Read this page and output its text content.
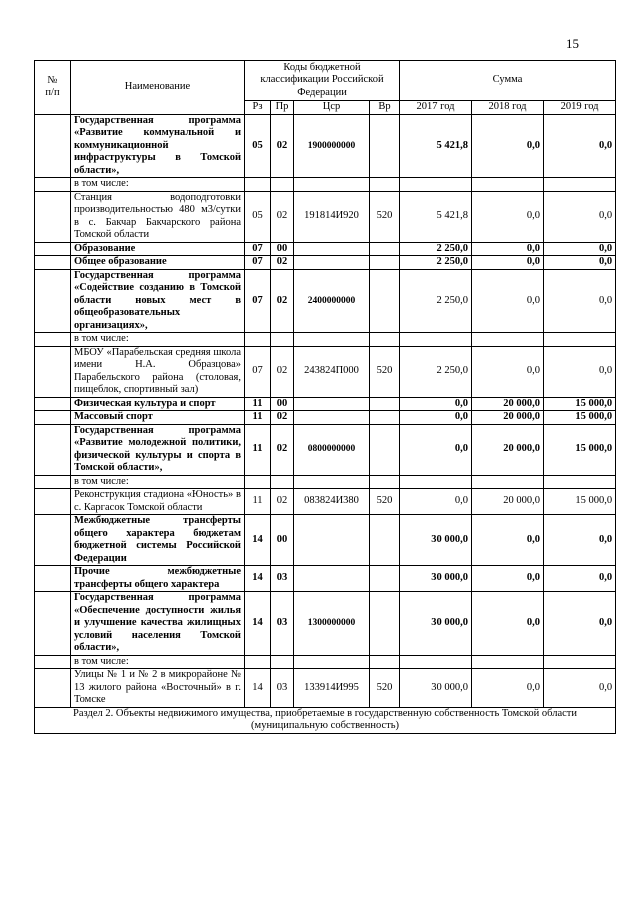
15
№
п/п	Наименование	Коды бюджетной классификации Российской Федерации				Сумма		
		Рз	Пр	Цср	Вр	2017 год	2018 год	2019 год
	Государственная программа «Развитие коммунальной и коммуникационной инфраструктуры в Томской области»,	05	02	1900000000		5 421,8	0,0	0,0
	в том числе:							
	Станция водоподготовки производительностью 480 м3/сутки в с. Бакчар Бакчарского района Томской области	05	02	191814И920	520	5 421,8	0,0	0,0
	Образование	07	00			2 250,0	0,0	0,0
	Общее образование	07	02			2 250,0	0,0	0,0
	Государственная программа «Содействие созданию в Томской области новых мест в общеобразовательных организациях»,	07	02	2400000000		2 250,0	0,0	0,0
	в том числе:							
	МБОУ «Парабельская средняя школа имени Н.А. Образцова» Парабельского района (столовая, пищеблок, спортивный зал)	07	02	243824П000	520	2 250,0	0,0	0,0
	Физическая культура и спорт	11	00			0,0	20 000,0	15 000,0
	Массовый спорт	11	02			0,0	20 000,0	15 000,0
	Государственная программа «Развитие молодежной политики, физической культуры и спорта в Томской области»,	11	02	0800000000		0,0	20 000,0	15 000,0
	в том числе:							
	Реконструкция стадиона «Юность» в с. Каргасок Томской области	11	02	083824И380	520	0,0	20 000,0	15 000,0
	Межбюджетные трансферты общего характера бюджетам бюджетной системы Российской Федерации	14	00			30 000,0	0,0	0,0
	Прочие межбюджетные трансферты общего характера	14	03			30 000,0	0,0	0,0
	Государственная программа «Обеспечение доступности жилья и улучшение качества жилищных условий населения Томской области»,	14	03	1300000000		30 000,0	0,0	0,0
	в том числе:							
	Улицы № 1 и № 2 в микрорайоне № 13 жилого района «Восточный» в г. Томске	14	03	133914И995	520	30 000,0	0,0	0,0
Раздел 2. Объекты недвижимого имущества, приобретаемые в государственную собственность Томской области (муниципальную собственность)								
